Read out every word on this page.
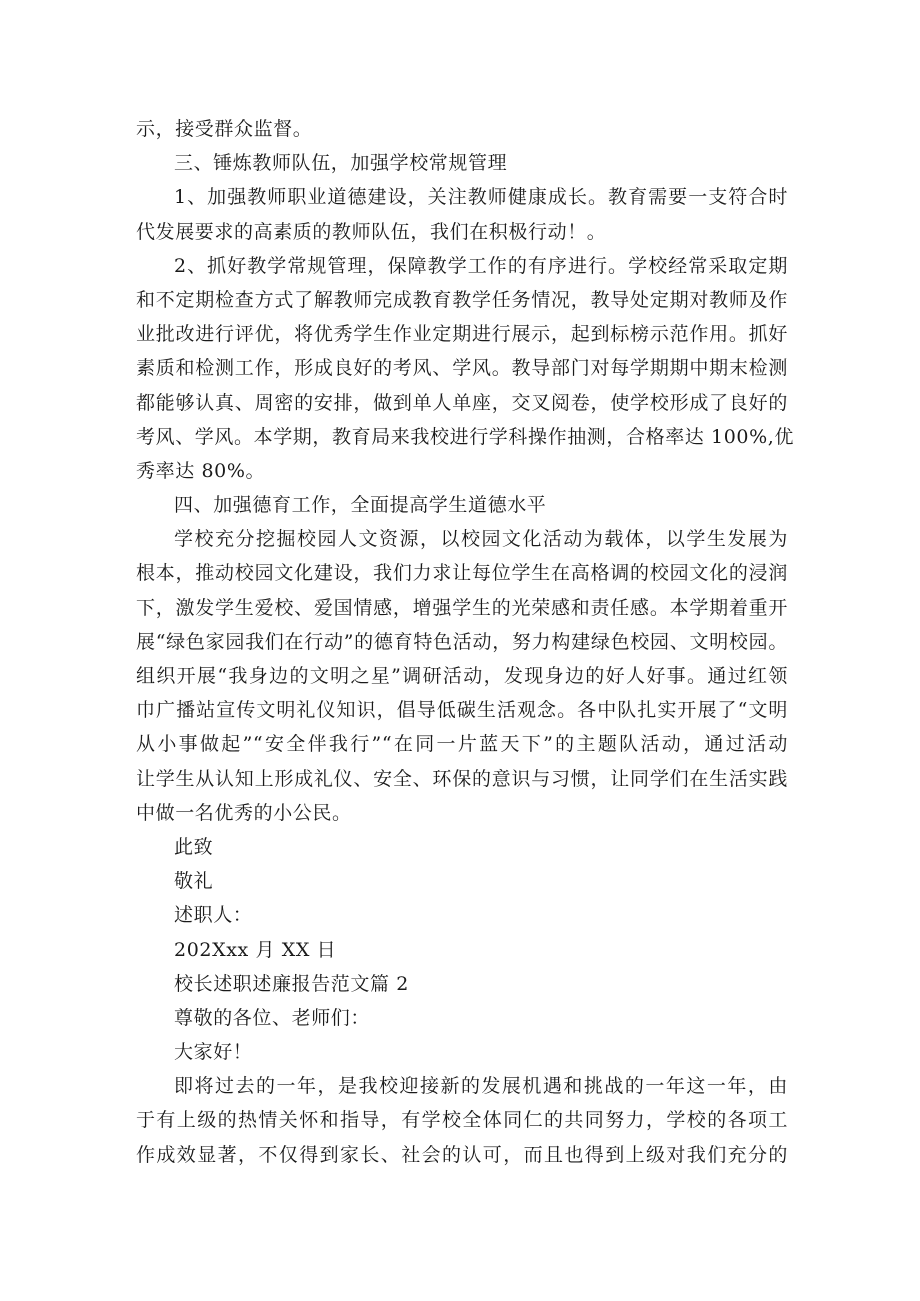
示，接受群众监督。
三、锤炼教师队伍，加强学校常规管理
1、加强教师职业道德建设，关注教师健康成长。教育需要一支符合时
代发展要求的高素质的教师队伍，我们在积极行动！。
2、抓好教学常规管理，保障教学工作的有序进行。学校经常采取定期
和不定期检查方式了解教师完成教育教学任务情况，教导处定期对教师及作
业批改进行评优，将优秀学生作业定期进行展示，起到标榜示范作用。抓好
素质和检测工作，形成良好的考风、学风。教导部门对每学期期中期末检测
都能够认真、周密的安排，做到单人单座，交叉阅卷，使学校形成了良好的
考风、学风。本学期，教育局来我校进行学科操作抽测，合格率达 100%,优
秀率达 80%。
四、加强德育工作，全面提高学生道德水平
学校充分挖掘校园人文资源，以校园文化活动为载体，以学生发展为
根本，推动校园文化建设，我们力求让每位学生在高格调的校园文化的浸润
下，激发学生爱校、爱国情感，增强学生的光荣感和责任感。本学期着重开
展“绿色家园我们在行动”的德育特色活动，努力构建绿色校园、文明校园。
组织开展“我身边的文明之星”调研活动，发现身边的好人好事。通过红领
巾广播站宣传文明礼仪知识，倡导低碳生活观念。各中队扎实开展了“文明
从小事做起”“安全伴我行”“在同一片蓝天下”的主题队活动，通过活动
让学生从认知上形成礼仪、安全、环保的意识与习惯，让同学们在生活实践
中做一名优秀的小公民。
此致
敬礼
述职人：
202Xxx 月 XX 日
校长述职述廉报告范文篇 2
尊敬的各位、老师们：
大家好！
即将过去的一年，是我校迎接新的发展机遇和挑战的一年这一年，由
于有上级的热情关怀和指导，有学校全体同仁的共同努力，学校的各项工
作成效显著，不仅得到家长、社会的认可，而且也得到上级对我们充分的
